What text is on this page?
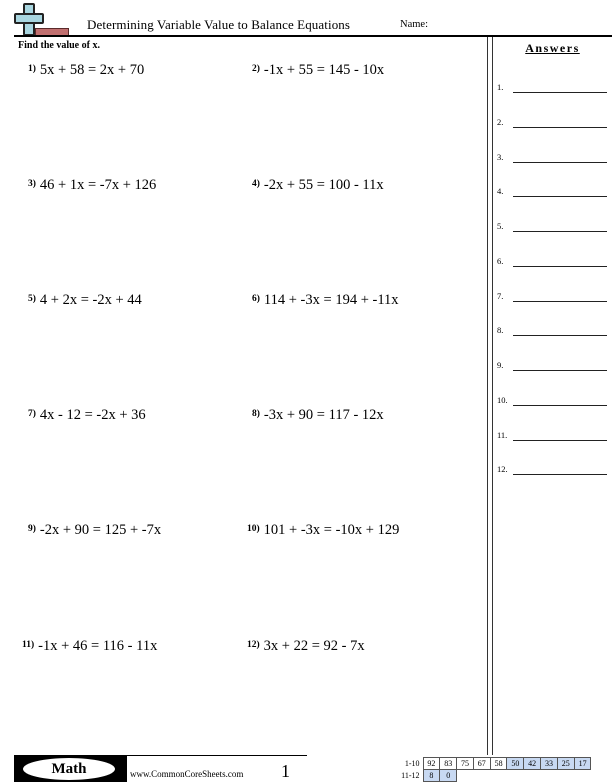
Determining Variable Value to Balance Equations	Name:
Find the value of x.
1) 5x + 58 = 2x + 70	2) -1x + 55 = 145 - 10x
3) 46 + 1x = -7x + 126	4) -2x + 55 = 100 - 11x
5) 4 + 2x = -2x + 44	6) 114 + -3x = 194 + -11x
7) 4x - 12 = -2x + 36	8) -3x + 90 = 117 - 12x
9) -2x + 90 = 125 + -7x	10) 101 + -3x = -10x + 129
11) -1x + 46 = 116 - 11x	12) 3x + 22 = 92 - 7x
Answers
1.
2.
3.
4.
5.
6.
7.
8.
9.
10.
11.
12.
Math	www.CommonCoreSheets.com 1	1-10	92	83	75	67	58	50	42	33	25	17
11-12	8	0								
